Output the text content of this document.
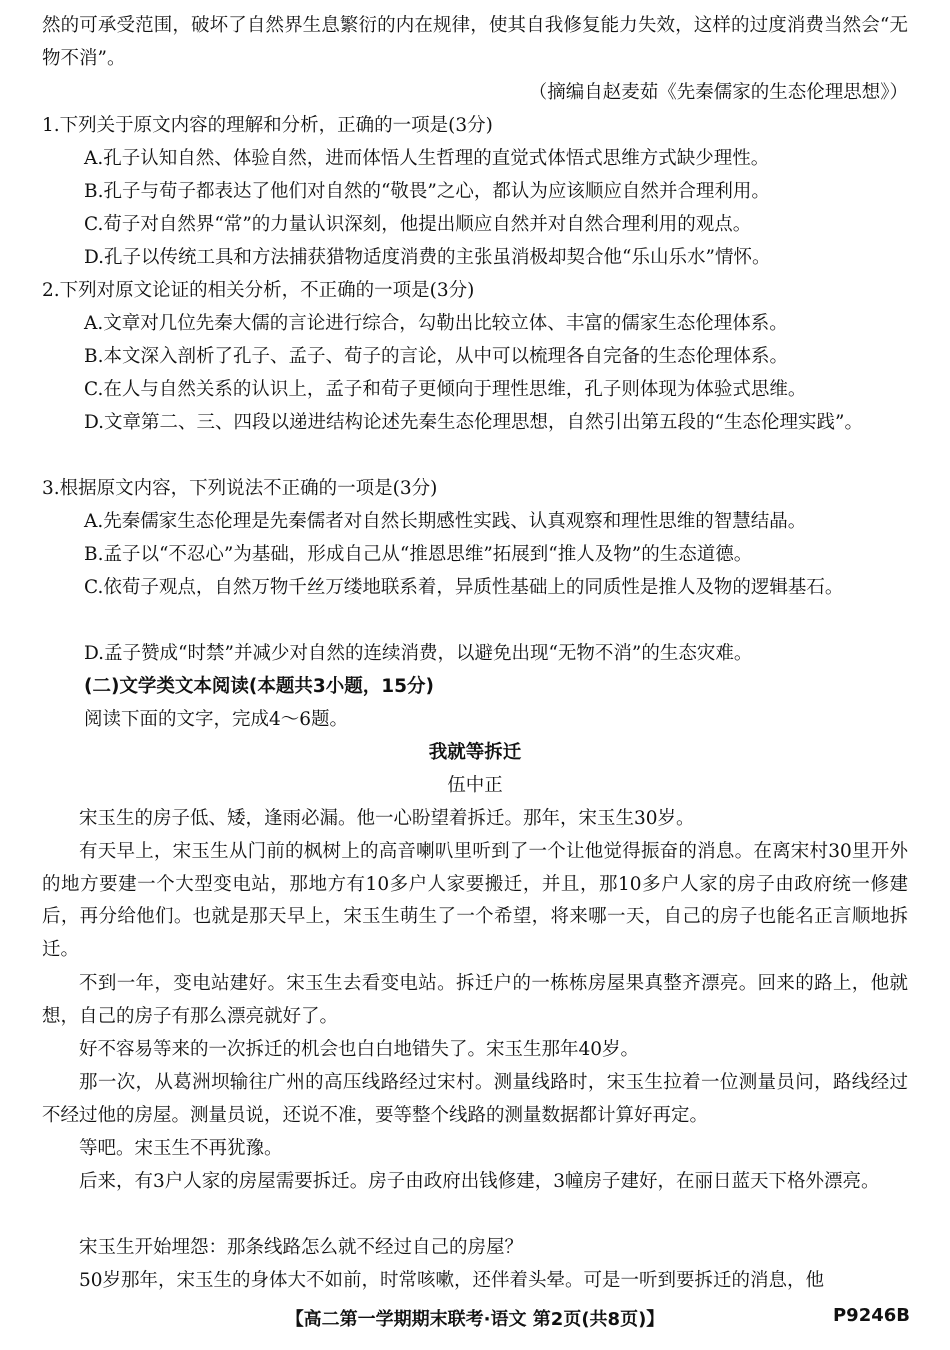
然的可承受范围，破坏了自然界生息繁衍的内在规律，使其自我修复能力失效，这样的过度消费当然会“无物不消”。
（摘编自赵麦茹《先秦儒家的生态伦理思想》）
1.下列关于原文内容的理解和分析，正确的一项是(3分)
A.孔子认知自然、体验自然，进而体悟人生哲理的直觉式体悟式思维方式缺少理性。
B.孔子与荀子都表达了他们对自然的“敬畏”之心，都认为应该顺应自然并合理利用。
C.荀子对自然界“常”的力量认识深刻，他提出顺应自然并对自然合理利用的观点。
D.孔子以传统工具和方法捕获猎物适度消费的主张虽消极却契合他“乐山乐水”情怀。
2.下列对原文论证的相关分析，不正确的一项是(3分)
A.文章对几位先秦大儒的言论进行综合，勾勒出比较立体、丰富的儒家生态伦理体系。
B.本文深入剖析了孔子、孟子、荀子的言论，从中可以梳理各自完备的生态伦理体系。
C.在人与自然关系的认识上，孟子和荀子更倾向于理性思维，孔子则体现为体验式思维。
D.文章第二、三、四段以递进结构论述先秦生态伦理思想，自然引出第五段的“生态伦理实践”。
3.根据原文内容，下列说法不正确的一项是(3分)
A.先秦儒家生态伦理是先秦儒者对自然长期感性实践、认真观察和理性思维的智慧结晶。
B.孟子以“不忍心”为基础，形成自己从“推恩思维”拓展到“推人及物”的生态道德。
C.依荀子观点，自然万物千丝万缕地联系着，异质性基础上的同质性是推人及物的逻辑基石。
D.孟子赞成“时禁”并减少对自然的连续消费，以避免出现“无物不消”的生态灾难。
(二)文学类文本阅读(本题共3小题，15分)
阅读下面的文字，完成4～6题。
我就等拆迁
伍中正
宋玉生的房子低、矮，逢雨必漏。他一心盼望着拆迁。那年，宋玉生30岁。
有天早上，宋玉生从门前的枫树上的高音喇叭里听到了一个让他觉得振奋的消息。在离宋村30里开外的地方要建一个大型变电站，那地方有10多户人家要搬迁，并且，那10多户人家的房子由政府统一修建后，再分给他们。也就是那天早上，宋玉生萌生了一个希望，将来哪一天，自己的房子也能名正言顺地拆迁。
不到一年，变电站建好。宋玉生去看变电站。拆迁户的一栋栋房屋果真整齐漂亮。回来的路上，他就想，自己的房子有那么漂亮就好了。
好不容易等来的一次拆迁的机会也白白地错失了。宋玉生那年40岁。
那一次，从葛洲坝输往广州的高压线路经过宋村。测量线路时，宋玉生拉着一位测量员问，路线经过不经过他的房屋。测量员说，还说不准，要等整个线路的测量数据都计算好再定。
等吧。宋玉生不再犹豫。
后来，有3户人家的房屋需要拆迁。房子由政府出钱修建，3幢房子建好，在丽日蓝天下格外漂亮。
宋玉生开始埋怨：那条线路怎么就不经过自己的房屋？
50岁那年，宋玉生的身体大不如前，时常咳嗽，还伴着头晕。可是一听到要拆迁的消息，他
【高二第一学期期末联考·语文 第2页(共8页)】	P9246B
